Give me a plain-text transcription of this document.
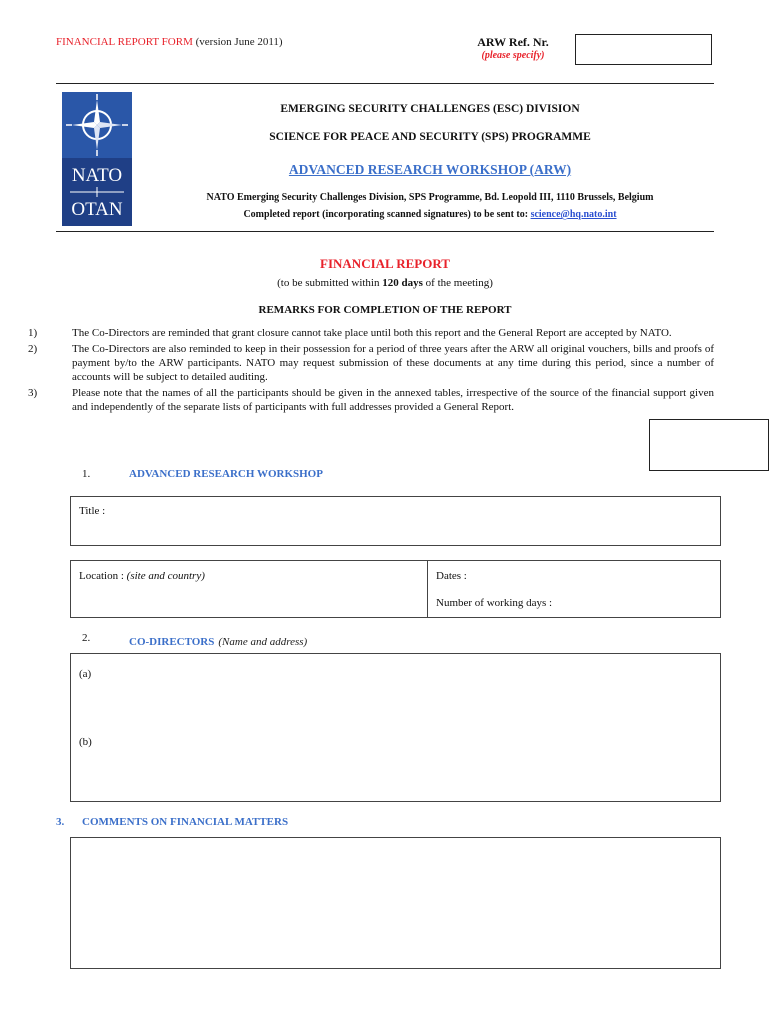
FINANCIAL REPORT FORM (version June 2011)	ARW Ref. Nr.
(please specify)
NATO
OTAN
EMERGING SECURITY CHALLENGES (ESC) DIVISION
SCIENCE FOR PEACE AND SECURITY (SPS) PROGRAMME
ADVANCED RESEARCH WORKSHOP (ARW)
NATO Emerging Security Challenges Division, SPS Programme, Bd. Leopold III, 1110 Brussels, Belgium
Completed report (incorporating scanned signatures) to be sent to: science@hq.nato.int
FINANCIAL REPORT
(to be submitted within 120 days of the meeting)
REMARKS FOR COMPLETION OF THE REPORT
1)	The Co-Directors are reminded that grant closure cannot take place until both this report and the General Report are accepted by NATO.
2)	The Co-Directors are also reminded to keep in their possession for a period of three years after the ARW all original vouchers, bills and proofs of payment by/to the ARW participants. NATO may request submission of these documents at any time during this period, since a number of accounts will be subject to detailed auditing.
3)	Please note that the names of all the participants should be given in the annexed tables, irrespective of the source of the financial support given and independently of the separate lists of participants with full addresses provided a General Report.
1.	ADVANCED RESEARCH WORKSHOP
Title :
Location : (site and country)	Dates :
Number of working days :
2.	CO-DIRECTORS (Name and address)
(a)
(b)
3. COMMENTS ON FINANCIAL MATTERS
